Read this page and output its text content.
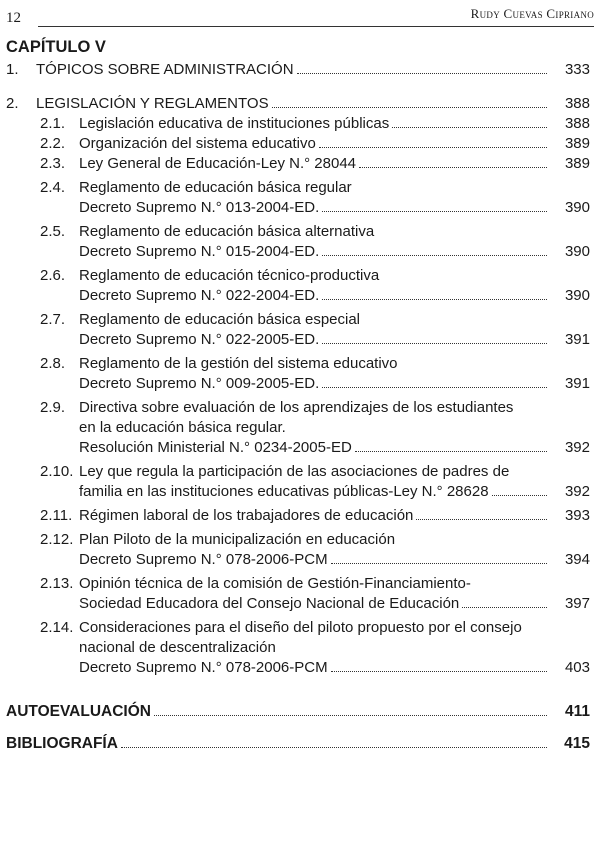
12	Rudy Cuevas Cipriano
CAPÍTULO V
1. TÓPICOS SOBRE ADMINISTRACIÓN	333
2. LEGISLACIÓN Y REGLAMENTOS	388
2.1. Legislación educativa de instituciones públicas	388
2.2. Organización del sistema educativo	389
2.3. Ley General de Educación-Ley N.° 28044	389
2.4. Reglamento de educación básica regular
Decreto Supremo N.° 013-2004-ED.	390
2.5. Reglamento de educación básica alternativa
Decreto Supremo N.° 015-2004-ED.	390
2.6. Reglamento de educación técnico-productiva
Decreto Supremo N.° 022-2004-ED.	390
2.7. Reglamento de educación básica especial
Decreto Supremo N.° 022-2005-ED.	391
2.8. Reglamento de la gestión del sistema educativo
Decreto Supremo N.° 009-2005-ED.	391
2.9. Directiva sobre evaluación de los aprendizajes de los estudiantes
en la educación básica regular.
Resolución Ministerial N.° 0234-2005-ED	392
2.10. Ley que regula la participación de las asociaciones de padres de
familia en las instituciones educativas públicas-Ley N.° 28628	392
2.11. Régimen laboral de los trabajadores de educación	393
2.12. Plan Piloto de la municipalización en educación
Decreto Supremo N.° 078-2006-PCM	394
2.13. Opinión técnica de la comisión de Gestión-Financiamiento-
Sociedad Educadora del Consejo Nacional de Educación	397
2.14. Consideraciones para el diseño del piloto propuesto por el consejo
nacional de descentralización
Decreto Supremo N.° 078-2006-PCM	403
AUTOEVALUACIÓN	411
BIBLIOGRAFÍA	415
